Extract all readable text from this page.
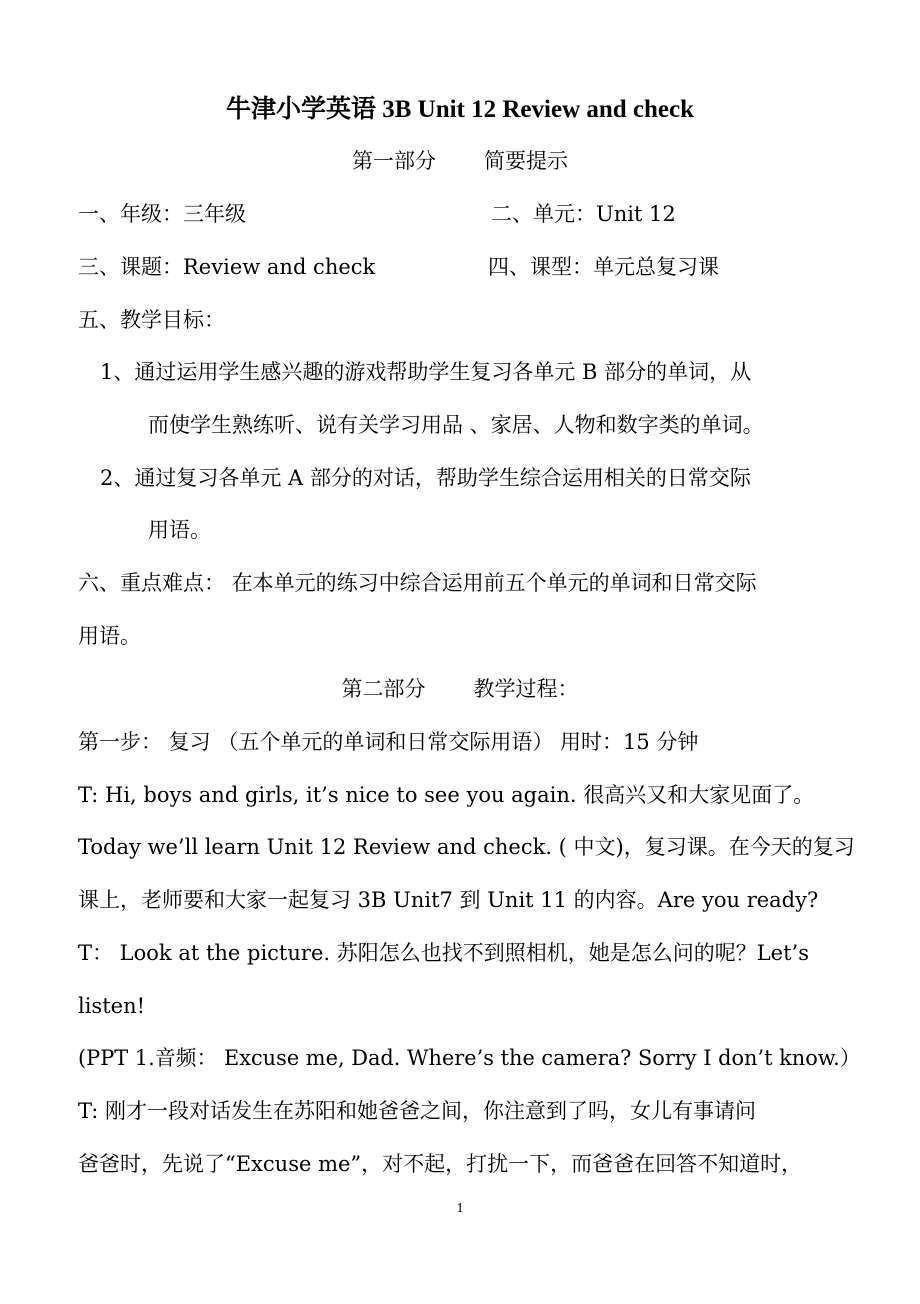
牛津小学英语 3B Unit 12 Review and check
第一部分 简要提示
一、年级：三年级	二、单元：Unit 12
三、课题：Review and check	四、课型：单元总复习课
五、教学目标：
1、通过运用学生感兴趣的游戏帮助学生复习各单元 B 部分的单词，从
而使学生熟练听、说有关学习用品 、家居、人物和数字类的单词。
2、通过复习各单元 A 部分的对话，帮助学生综合运用相关的日常交际
用语。
六、重点难点： 在本单元的练习中综合运用前五个单元的单词和日常交际
用语。
第二部分 教学过程：
第一步： 复习 （五个单元的单词和日常交际用语） 用时：15 分钟
T: Hi, boys and girls, it’s nice to see you again. 很高兴又和大家见面了。
Today we’ll learn Unit 12 Review and check. ( 中文)，复习课。在今天的复习
课上，老师要和大家一起复习 3B Unit7 到 Unit 11 的内容。Are you ready?
T： Look at the picture. 苏阳怎么也找不到照相机，她是怎么问的呢？Let’s
listen!
(PPT 1.音频： Excuse me, Dad. Where’s the camera? Sorry I don’t know.）
T: 刚才一段对话发生在苏阳和她爸爸之间，你注意到了吗，女儿有事请问
爸爸时，先说了“Excuse me”，对不起，打扰一下，而爸爸在回答不知道时，
1
